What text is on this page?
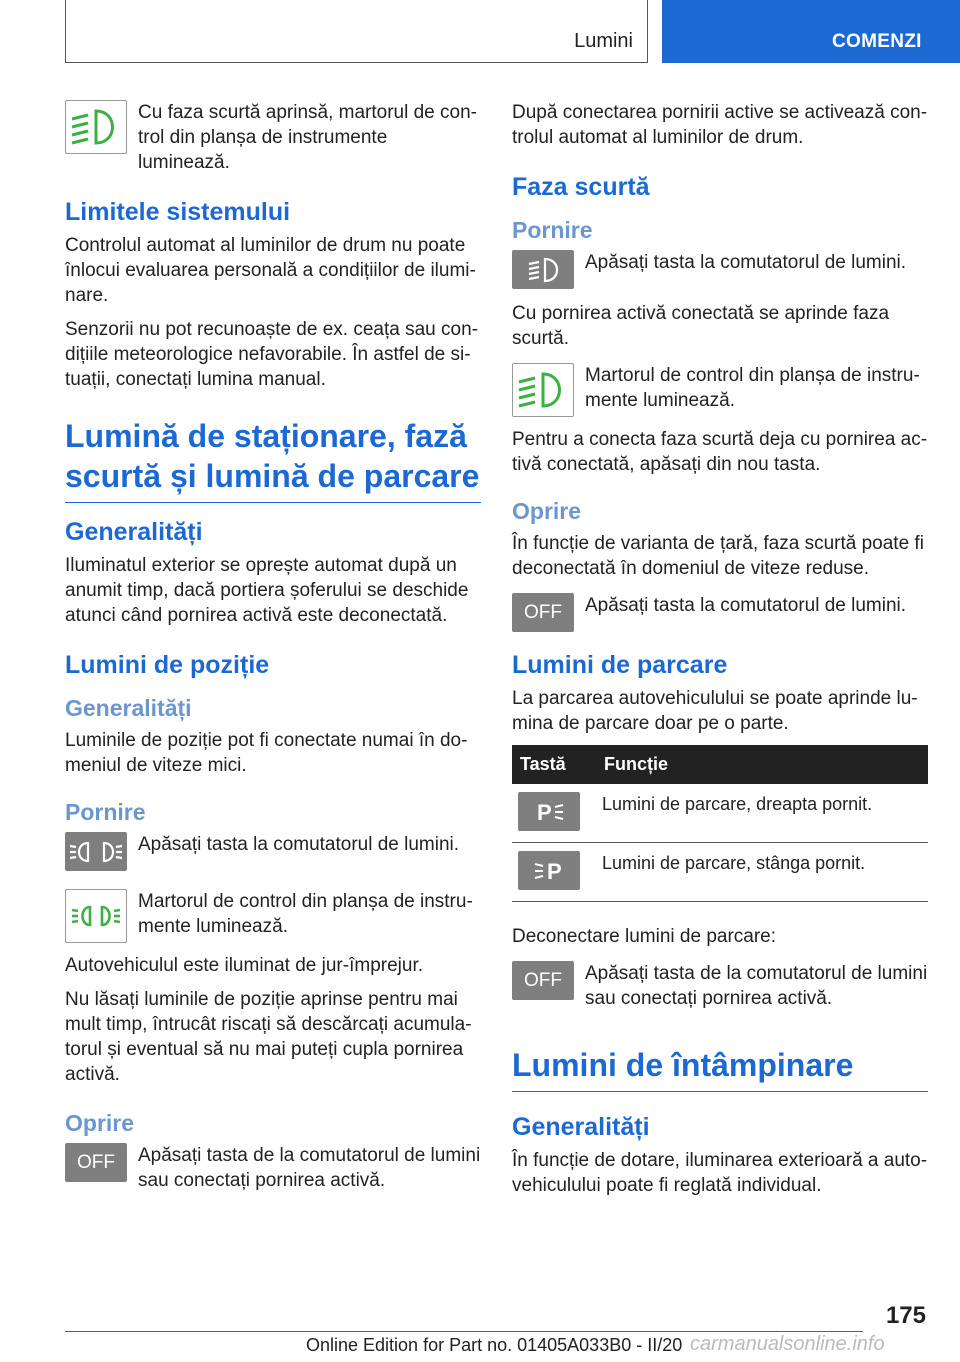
Lumini	COMENZI

Cu faza scurtă aprinsă, martorul de control din planșa de instrumente luminează.

Limitele sistemului

Controlul automat al luminilor de drum nu poate înlocui evaluarea personală a condițiilor de iluminare.

Senzorii nu pot recunoaște de ex. ceața sau condițiile meteorologice nefavorabile. În astfel de situații, conectați lumina manual.

Lumină de staționare, fază scurtă și lumină de parcare
Generalități

Iluminatul exterior se oprește automat după un anumit timp, dacă portiera șoferului se deschide atunci când pornirea activă este deconectată.

Lumini de poziție
Generalități

Luminile de poziție pot fi conectate numai în domeniul de viteze mici.

Pornire

Apăsați tasta la comutatorul de lumini.

Martorul de control din planșa de instrumente luminează.

Autovehiculul este iluminat de jur-împrejur.

Nu lăsați luminile de poziție aprinse pentru mai mult timp, întrucât riscați să descărcați acumulatorul și eventual să nu mai puteți cupla pornirea activă.

Oprire
OFF	Apăsați tasta de la comutatorul de lumini sau conectați pornirea activă.

După conectarea pornirii active se activează controlul automat al luminilor de drum.

Faza scurtă
Pornire

Apăsați tasta la comutatorul de lumini.

Cu pornirea activă conectată se aprinde faza scurtă.

Martorul de control din planșa de instrumente luminează.

Pentru a conecta faza scurtă deja cu pornirea activă conectată, apăsați din nou tasta.

Oprire

În funcție de varianta de țară, faza scurtă poate fi deconectată în domeniul de viteze reduse.

OFF	Apăsați tasta la comutatorul de lumini.

Lumini de parcare

La parcarea autovehiculului se poate aprinde lumina de parcare doar pe o parte.

Tastă	Funcție

P	Lumini de parcare, dreapta pornit.

P	Lumini de parcare, stânga pornit.

Deconectare lumini de parcare:

OFF	Apăsați tasta de la comutatorul de lumini sau conectați pornirea activă.

Lumini de întâmpinare
Generalități

În funcție de dotare, iluminarea exterioară a autovehiculului poate fi reglată individual.

175
Online Edition for Part no. 01405A033B0 - II/20 carmanualsonline.info
